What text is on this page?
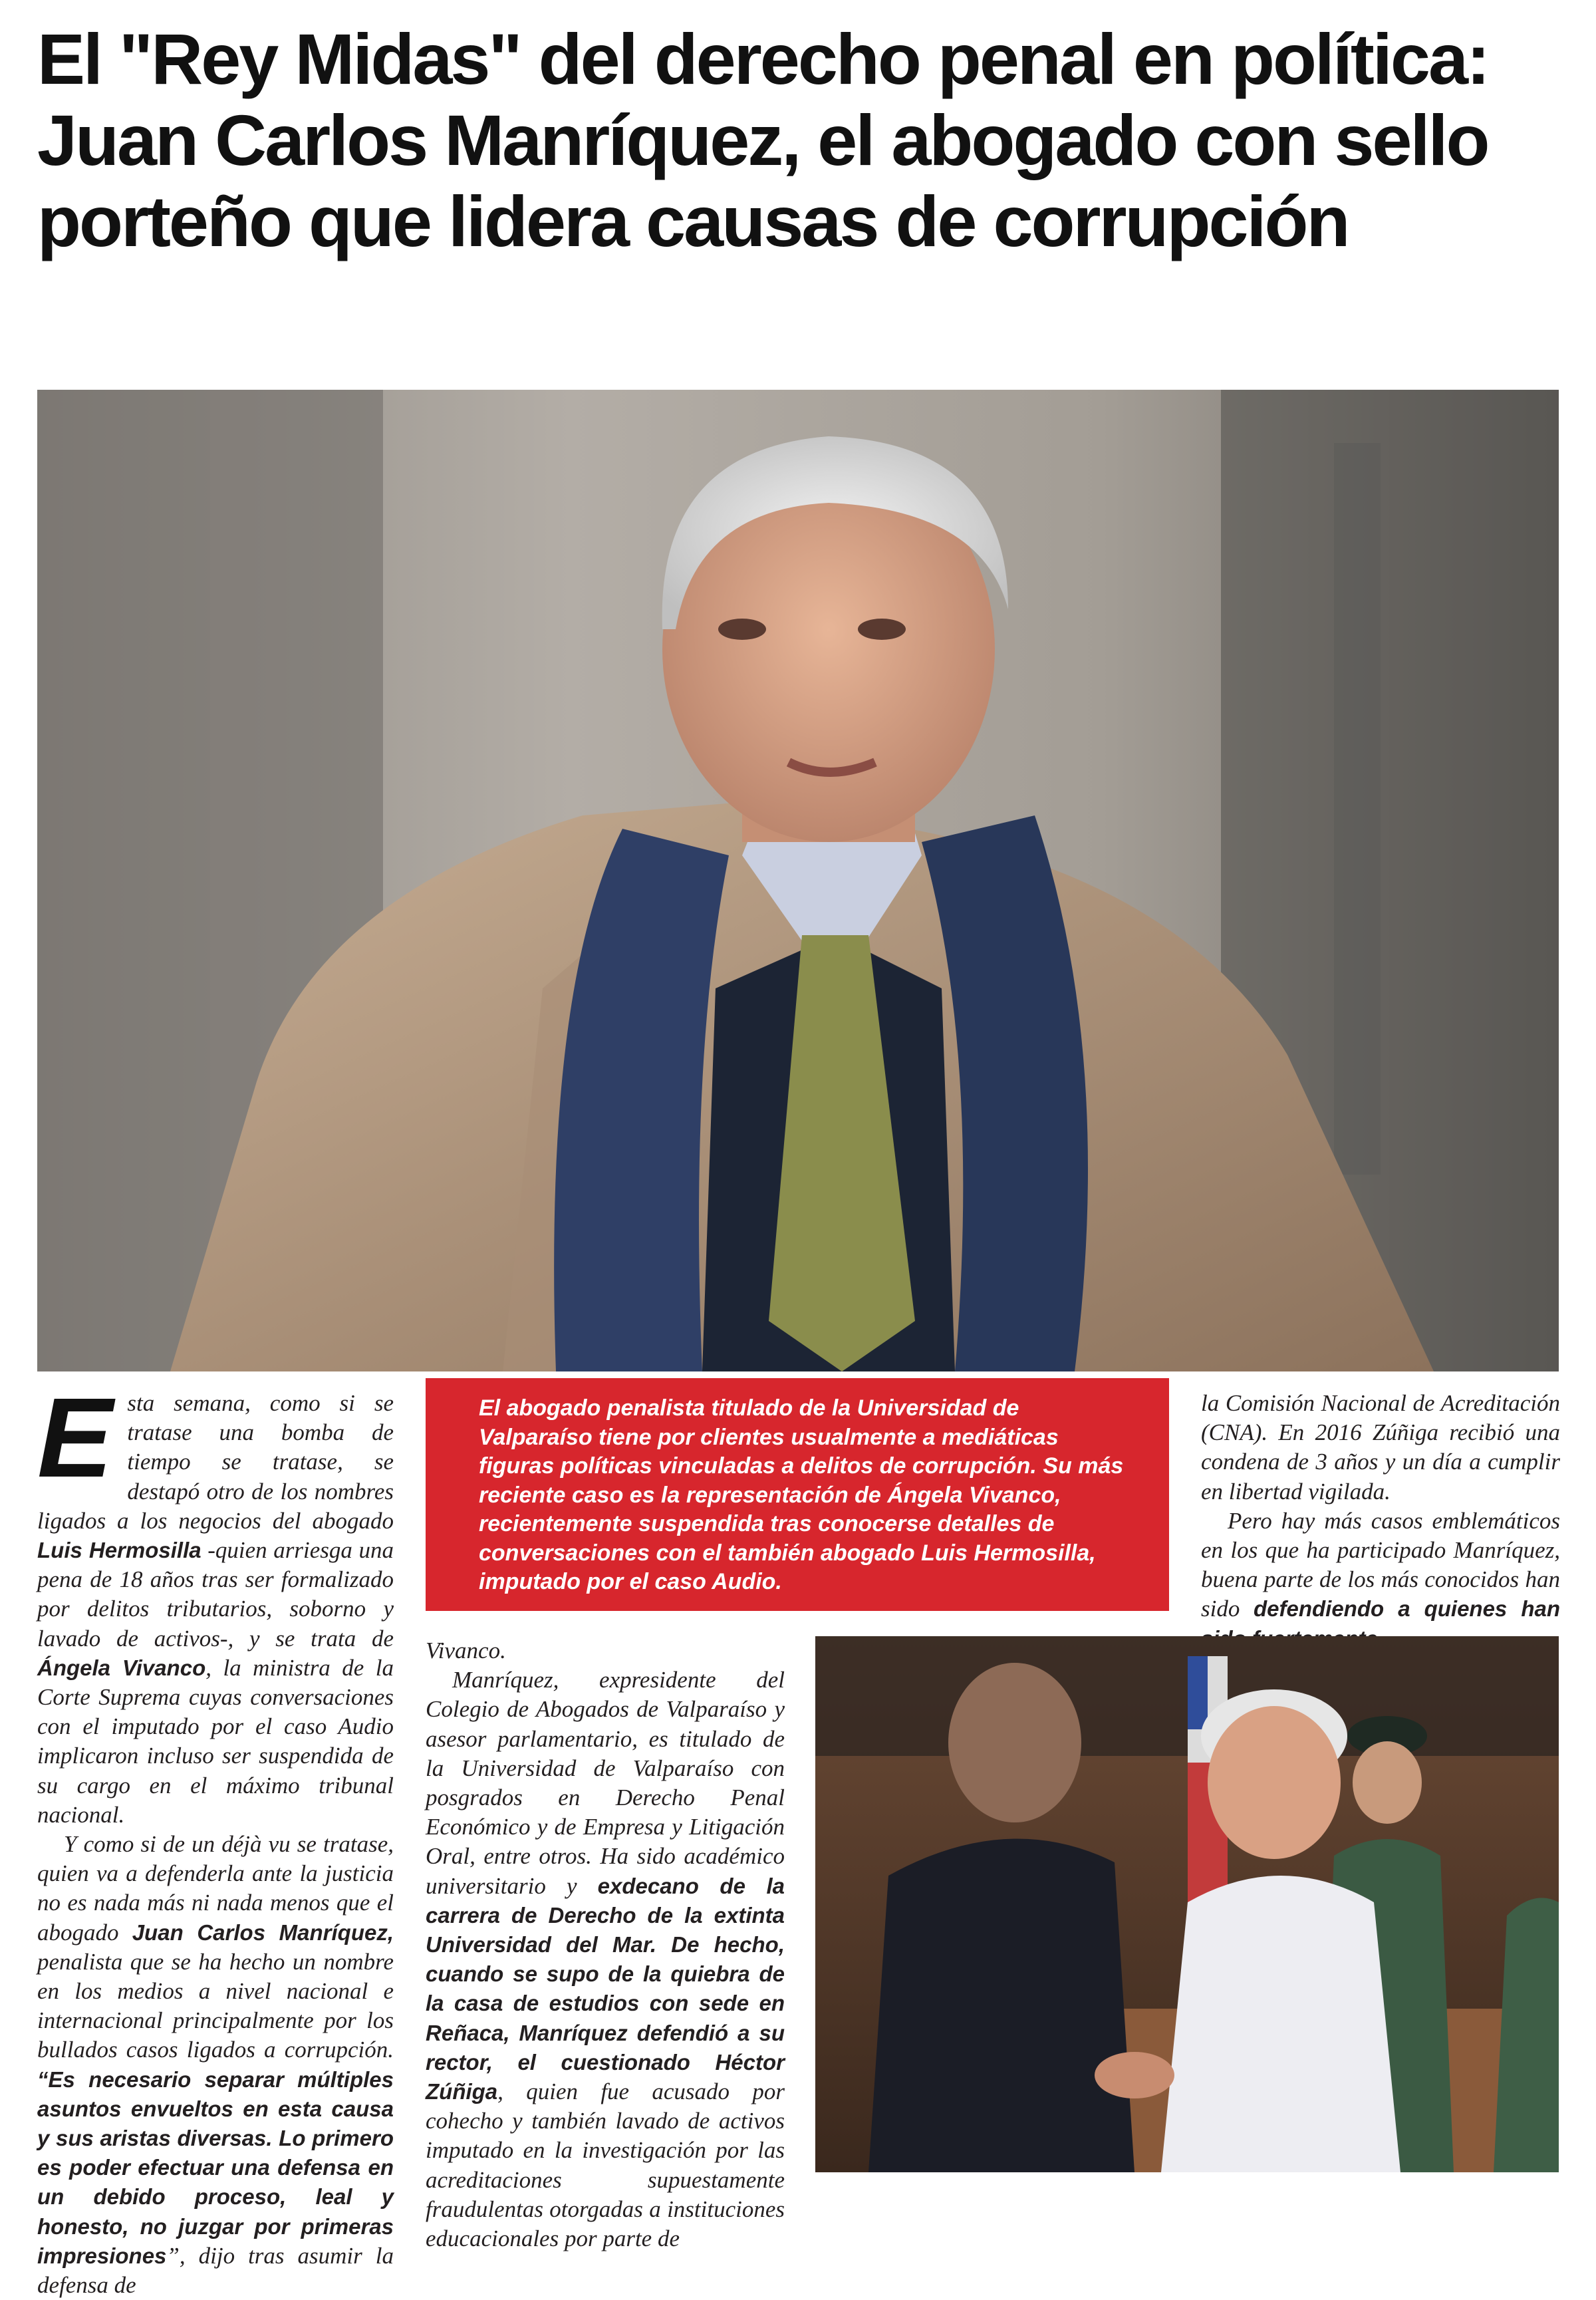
El "Rey Midas" del derecho penal en política: Juan Carlos Manríquez, el abogado con sello porteño que lidera causas de corrupción

Esta semana, como si se tratase una bomba de tiempo se tratase, se destapó otro de los nombres ligados a los negocios del abogado Luis Hermosilla -quien arriesga una pena de 18 años tras ser formalizado por delitos tributarios, soborno y lavado de activos-, y se trata de Ángela Vivanco, la ministra de la Corte Suprema cuyas conversaciones con el imputado por el caso Audio implicaron incluso ser suspendida de su cargo en el máximo tribunal nacional.

Y como si de un déjà vu se tratase, quien va a defenderla ante la justicia no es nada más ni nada menos que el abogado Juan Carlos Manríquez, penalista que se ha hecho un nombre en los medios a nivel nacional e internacional principalmente por los bullados casos ligados a corrupción. “Es necesario separar múltiples asuntos envueltos en esta causa y sus aristas diversas. Lo primero es poder efectuar una defensa en un debido proceso, leal y honesto, no juzgar por primeras impresiones”, dijo tras asumir la defensa de

El abogado penalista titulado de la Universidad de Valparaíso tiene por clientes usualmente a mediáticas figuras políticas vinculadas a delitos de corrupción. Su más reciente caso es la representación de Ángela Vivanco, recientemente suspendida tras conocerse detalles de conversaciones con el también abogado Luis Hermosilla, imputado por el caso Audio.

Vivanco.

Manríquez, expresidente del Colegio de Abogados de Valparaíso y asesor parlamentario, es titulado de la Universidad de Valparaíso con posgrados en Derecho Penal Económico y de Empresa y Litigación Oral, entre otros. Ha sido académico universitario y exdecano de la carrera de Derecho de la extinta Universidad del Mar. De hecho, cuando se supo de la quiebra de la casa de estudios con sede en Reñaca, Manríquez defendió a su rector, el cuestionado Héctor Zúñiga, quien fue acusado por cohecho y también lavado de activos imputado en la investigación por las acreditaciones supuestamente fraudulentas otorgadas a instituciones educacionales por parte de

la Comisión Nacional de Acreditación (CNA). En 2016 Zúñiga recibió una condena de 3 años y un día a cumplir en libertad vigilada.

Pero hay más casos emblemáticos en los que ha participado Manríquez, buena parte de los más conocidos han sido defendiendo a quienes han
